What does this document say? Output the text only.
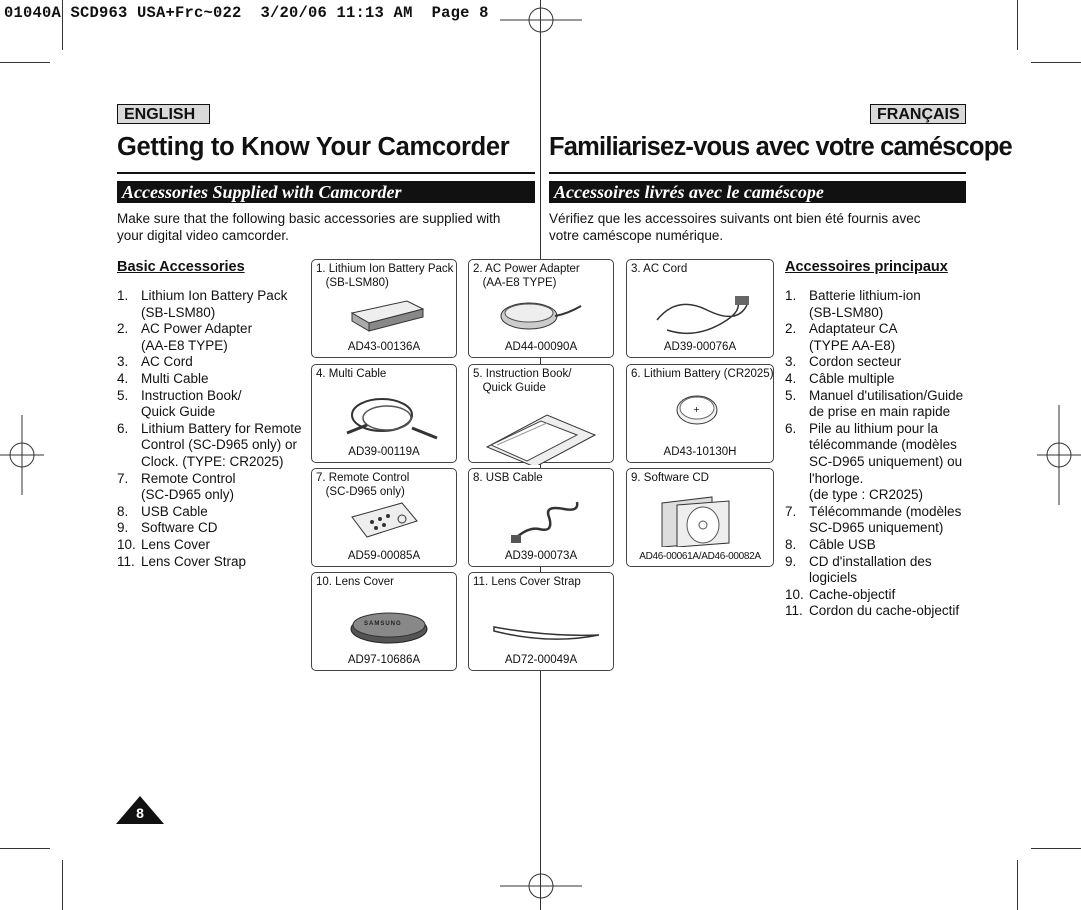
01040A SCD963 USA+Frc~022  3/20/06 11:13 AM  Page 8
ENGLISH	FRANÇAIS
Getting to Know Your Camcorder Familiarisez-vous avec votre caméscope
Accessories Supplied with Camcorder	Accessoires livrés avec le caméscope
Make sure that the following basic accessories are supplied with your digital video camcorder.
Vérifiez que les accessoires suivants ont bien été fournis avec votre caméscope numérique.
Basic Accessories	Accessoires principaux
1. Lithium Ion Battery Pack
(SB-LSM80)
2. AC Power Adapter
(AA-E8 TYPE)
3. AC Cord
4. Multi Cable
5. Instruction Book/
Quick Guide
6. Lithium Battery for Remote
Control (SC-D965 only) or
Clock. (TYPE: CR2025)
7. Remote Control
(SC-D965 only)
8. USB Cable
9. Software CD
10. Lens Cover
11. Lens Cover Strap
1. Batterie lithium-ion
(SB-LSM80)
2. Adaptateur CA
(TYPE AA-E8)
3. Cordon secteur
4. Câble multiple
5. Manuel d'utilisation/Guide
de prise en main rapide
6. Pile au lithium pour la
télécommande (modèles
SC-D965 uniquement) ou
l'horloge.
(de type : CR2025)
7. Télécommande (modèles
SC-D965 uniquement)
8. Câble USB
9. CD d'installation des
logiciels
10. Cache-objectif
11. Cordon du cache-objectif
1. Lithium Ion Battery Pack
(SB-LSM80)
AD43-00136A
2. AC Power Adapter
(AA-E8 TYPE)
AD44-00090A
3. AC Cord
AD39-00076A
4. Multi Cable
AD39-00119A
5. Instruction Book/
Quick Guide
+
6. Lithium Battery (CR2025)
AD43-10130H
7. Remote Control
(SC-D965 only)
AD59-00085A
8. USB Cable
AD39-00073A
9. Software CD
AD46-00061A/AD46-00082A
10. Lens Cover
AD97-10686A
SAMSUNG
11. Lens Cover Strap
AD72-00049A
8
